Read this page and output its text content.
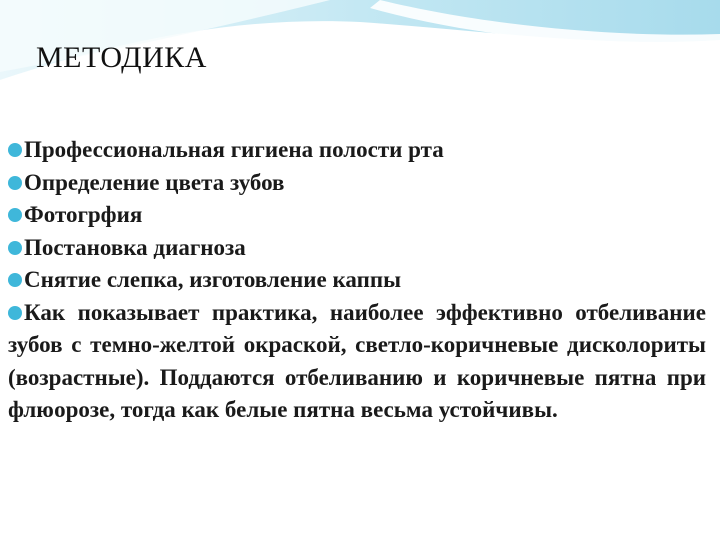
МЕТОДИКА
Профессиональная гигиена полости рта
Определение цвета зубов
Фотогрфия
Постановка диагноза
Снятие слепка, изготовление каппы
Как показывает практика, наиболее эффективно отбеливание зубов с темно-желтой окраской, светло-коричневые дисколориты (возрастные). Поддаются отбеливанию и коричневые пятна при флюорозе, тогда как белые пятна весьма устойчивы.
